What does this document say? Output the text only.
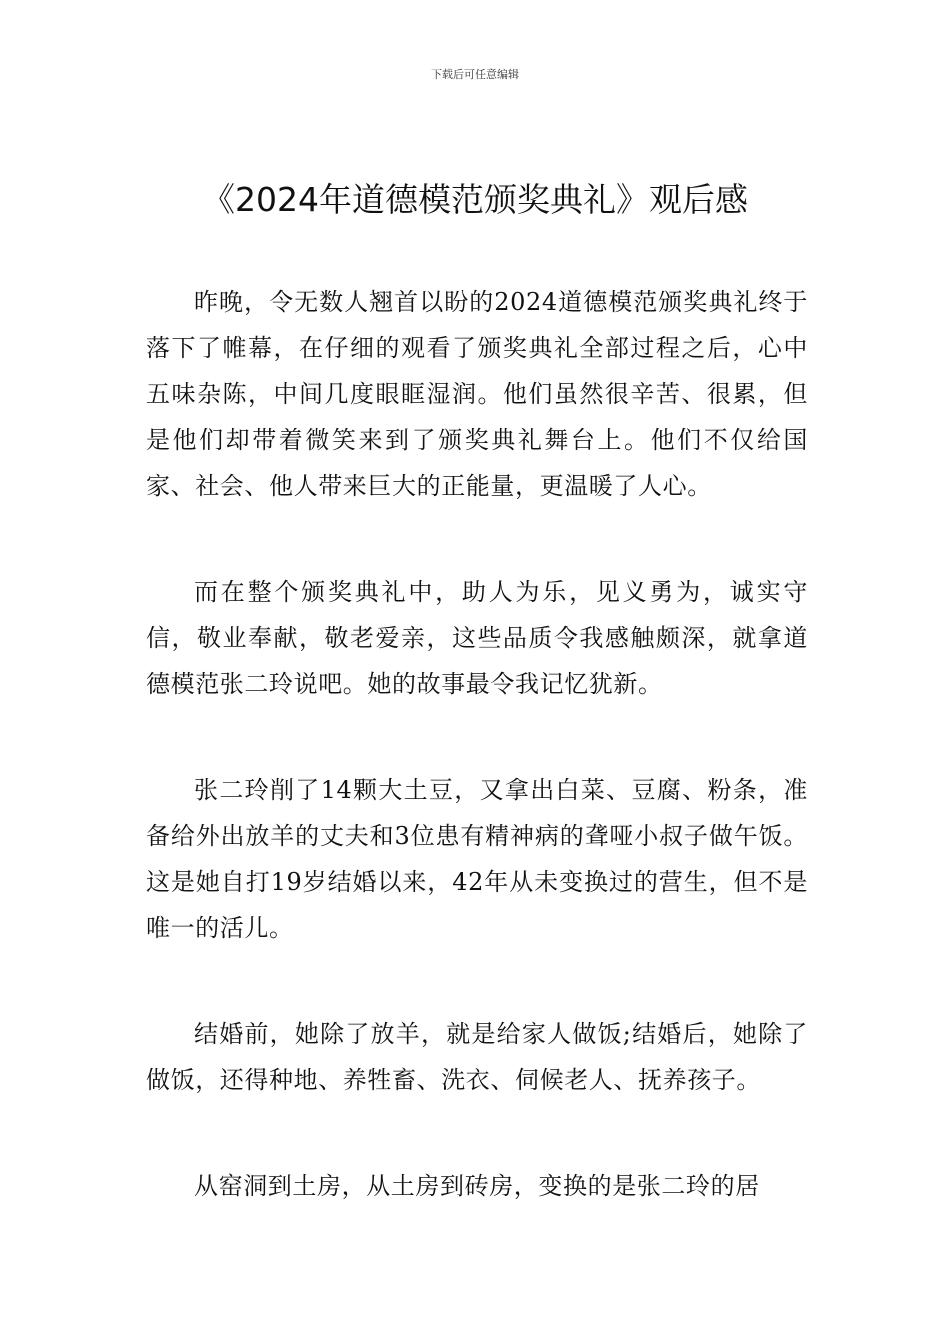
下载后可任意编辑
《2024年道德模范颁奖典礼》观后感

昨晚，令无数人翘首以盼的2024道德模范颁奖典礼终于落下了帷幕，在仔细的观看了颁奖典礼全部过程之后，心中五味杂陈，中间几度眼眶湿润。他们虽然很辛苦、很累，但是他们却带着微笑来到了颁奖典礼舞台上。他们不仅给国家、社会、他人带来巨大的正能量，更温暖了人心。

而在整个颁奖典礼中，助人为乐，见义勇为，诚实守信，敬业奉献，敬老爱亲，这些品质令我感触颇深，就拿道德模范张二玲说吧。她的故事最令我记忆犹新。

张二玲削了14颗大土豆，又拿出白菜、豆腐、粉条，准备给外出放羊的丈夫和3位患有精神病的聋哑小叔子做午饭。这是她自打19岁结婚以来，42年从未变换过的营生，但不是唯一的活儿。

结婚前，她除了放羊，就是给家人做饭;结婚后，她除了做饭，还得种地、养牲畜、洗衣、伺候老人、抚养孩子。

从窑洞到土房，从土房到砖房，变换的是张二玲的居
